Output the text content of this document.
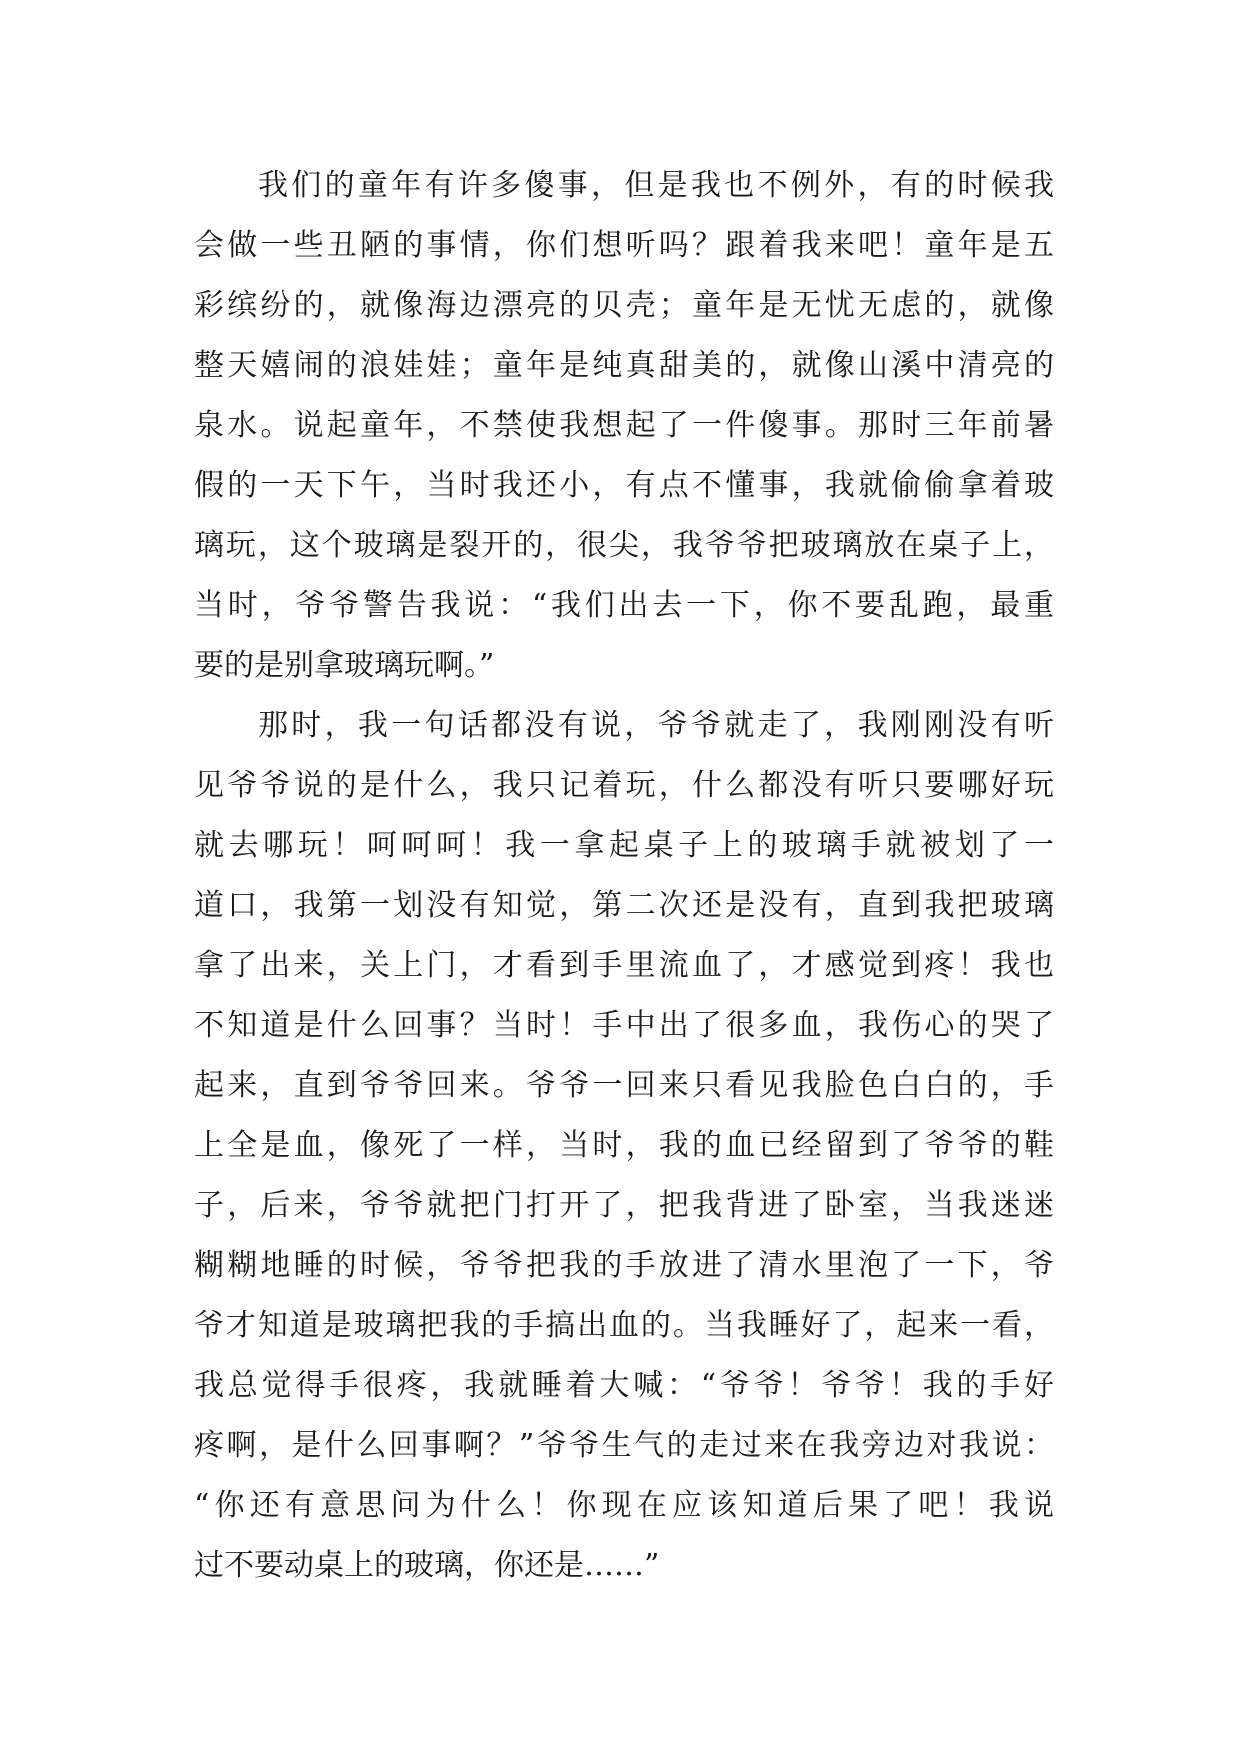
我们的童年有许多傻事，但是我也不例外，有的时候我
会做一些丑陋的事情，你们想听吗？跟着我来吧！童年是五
彩缤纷的，就像海边漂亮的贝壳；童年是无忧无虑的，就像
整天嬉闹的浪娃娃；童年是纯真甜美的，就像山溪中清亮的
泉水。说起童年，不禁使我想起了一件傻事。那时三年前暑
假的一天下午，当时我还小，有点不懂事，我就偷偷拿着玻
璃玩，这个玻璃是裂开的，很尖，我爷爷把玻璃放在桌子上，
当时，爷爷警告我说：“我们出去一下，你不要乱跑，最重
要的是别拿玻璃玩啊。”
那时，我一句话都没有说，爷爷就走了，我刚刚没有听
见爷爷说的是什么，我只记着玩，什么都没有听只要哪好玩
就去哪玩！呵呵呵！我一拿起桌子上的玻璃手就被划了一
道口，我第一划没有知觉，第二次还是没有，直到我把玻璃
拿了出来，关上门，才看到手里流血了，才感觉到疼！我也
不知道是什么回事？当时！手中出了很多血，我伤心的哭了
起来，直到爷爷回来。爷爷一回来只看见我脸色白白的，手
上全是血，像死了一样，当时，我的血已经留到了爷爷的鞋
子，后来，爷爷就把门打开了，把我背进了卧室，当我迷迷
糊糊地睡的时候，爷爷把我的手放进了清水里泡了一下，爷
爷才知道是玻璃把我的手搞出血的。当我睡好了，起来一看，
我总觉得手很疼，我就睡着大喊：“爷爷！爷爷！我的手好
疼啊，是什么回事啊？”爷爷生气的走过来在我旁边对我说：
“你还有意思问为什么！你现在应该知道后果了吧！我说
过不要动桌上的玻璃，你还是……”
